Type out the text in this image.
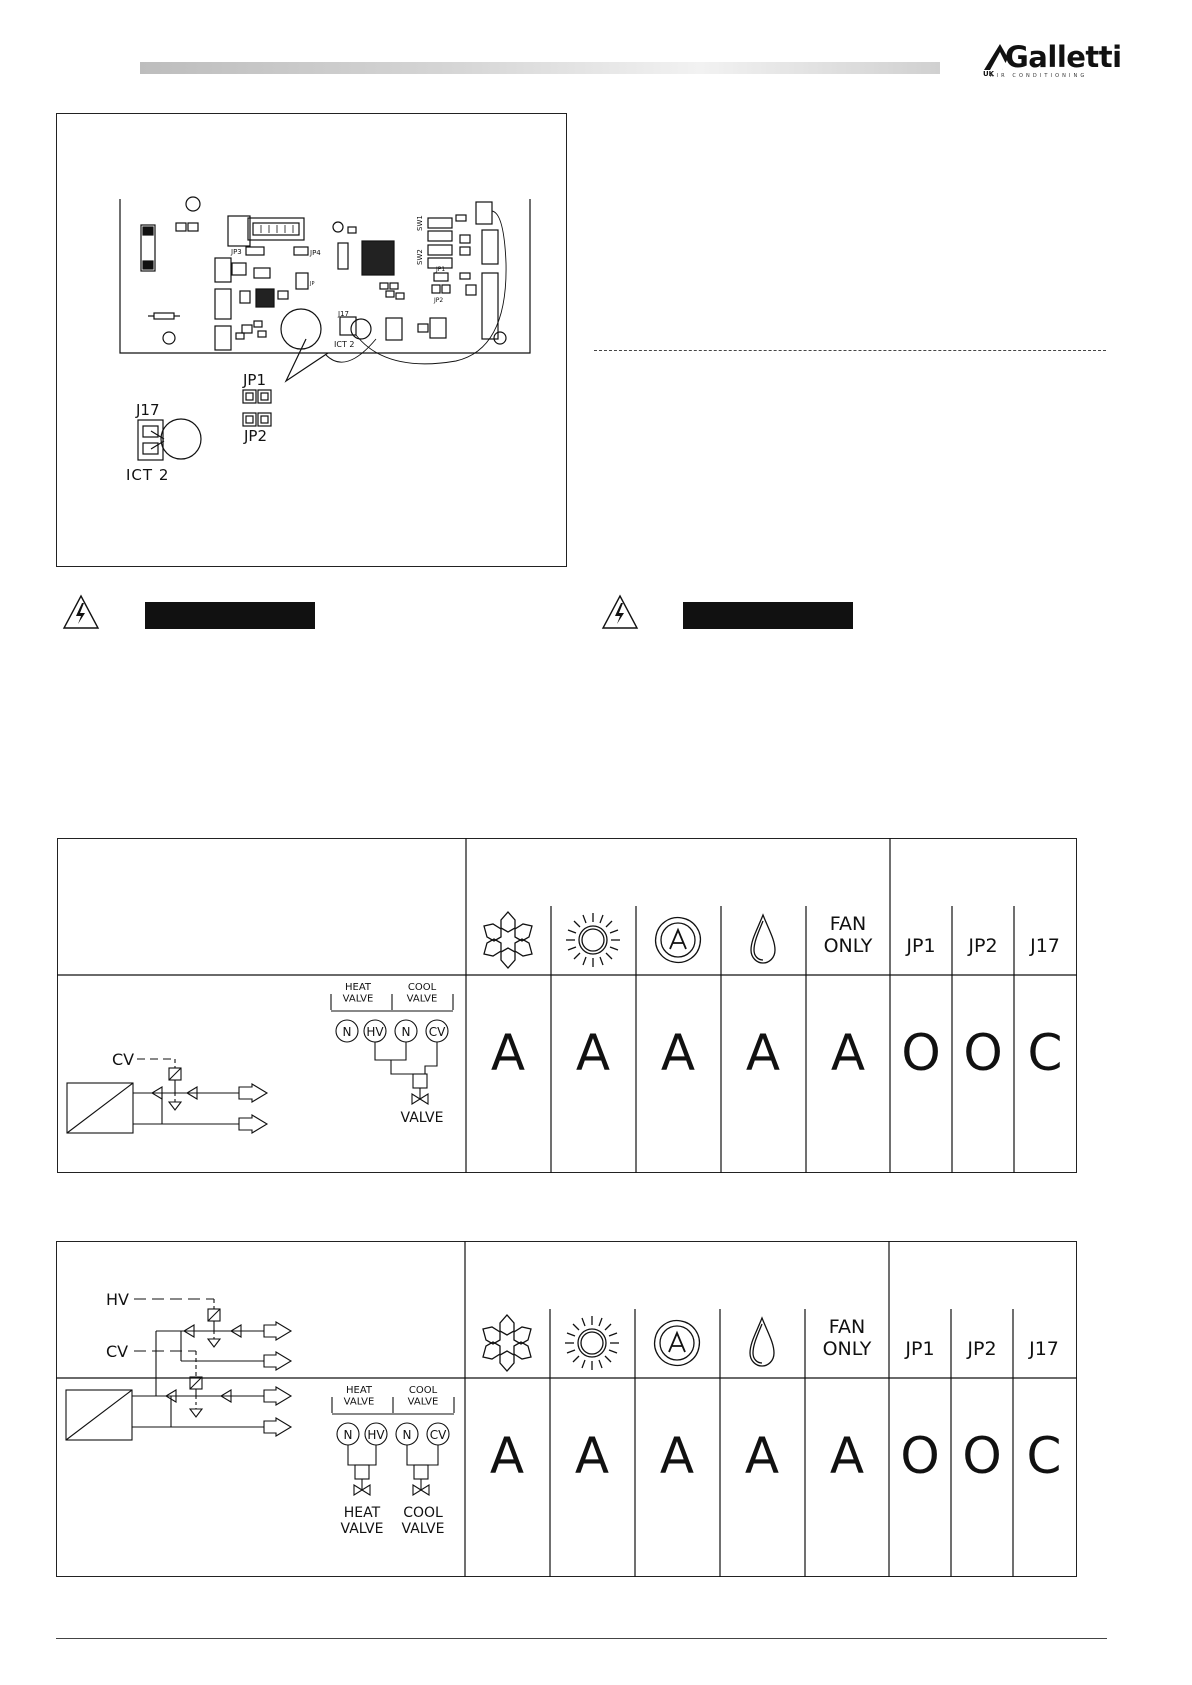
UK Galletti
AIR CONDITIONING
JP3	JP4
JP
SW1
SW2
JP1
JP2
J17
ICT 2
JP1
JP2
J17
ICT 2
FAN
ONLY JP1 JP2 J17
A A A A A O O C
HEAT VALVE
COOL VALVE
N HV N CV
VALVE
CV
FAN
ONLY JP1 JP2 J17
A A A A A O O C
HEAT VALVE
COOL VALVE
N HV N CV
HEAT VALVE
COOL VALVE
HV
CV
